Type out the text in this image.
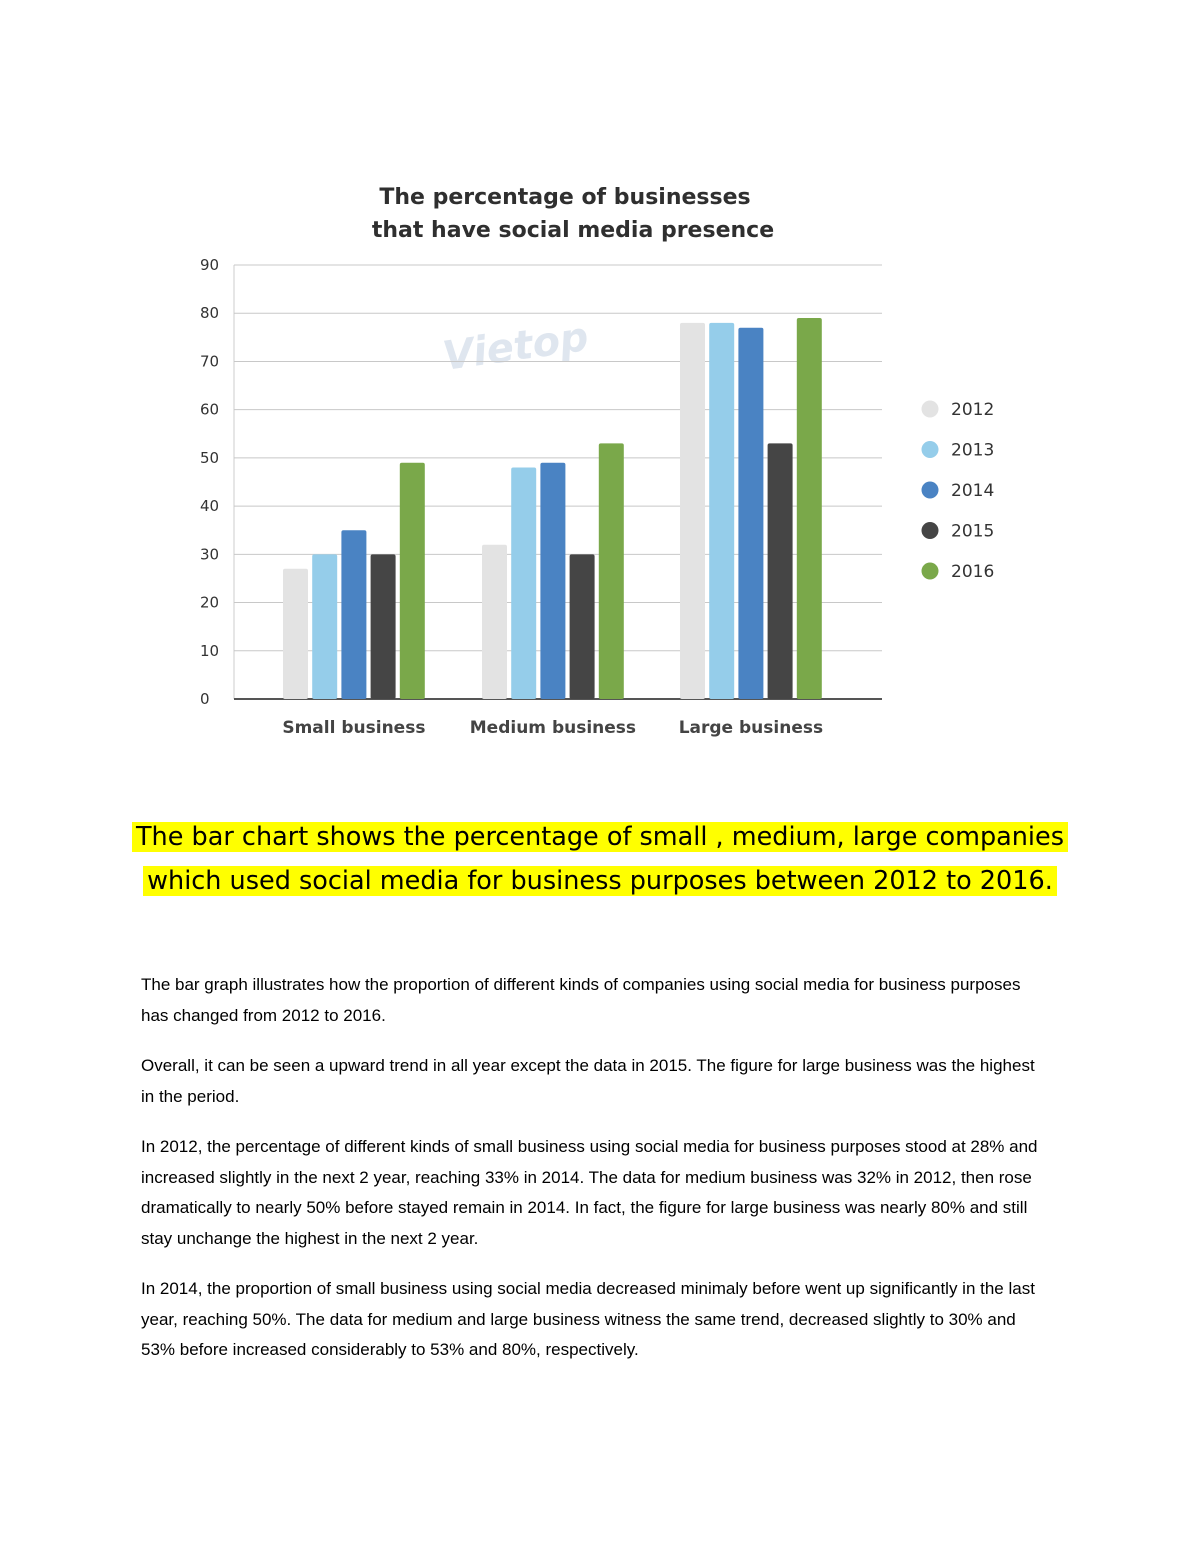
The percentage of businesses
that have social media presence
Vietop
0
10
20
30
40
50
60
70
80
90
Small business	Medium business	Large business
2012
2013
2014
2015
2016
The bar chart shows the percentage of small , medium, large companies
which used social media for business purposes between 2012 to 2016.

The bar graph illustrates how the proportion of different kinds of companies using social media for business purposes has changed from 2012 to 2016.

Overall, it can be seen a upward trend in all year except the data in 2015. The figure for large business was the highest in the period.

In 2012, the percentage of different kinds of small business using social media for business purposes stood at 28% and increased slightly in the next 2 year, reaching 33% in 2014. The data for medium business was 32% in 2012, then rose dramatically to nearly 50% before stayed remain in 2014. In fact, the figure for large business was nearly 80% and still stay unchange the highest in the next 2 year.

In 2014, the proportion of small business using social media decreased minimaly before went up significantly in the last year, reaching 50%. The data for medium and large business witness the same trend, decreased slightly to 30% and 53% before increased considerably to 53% and 80%, respectively.
